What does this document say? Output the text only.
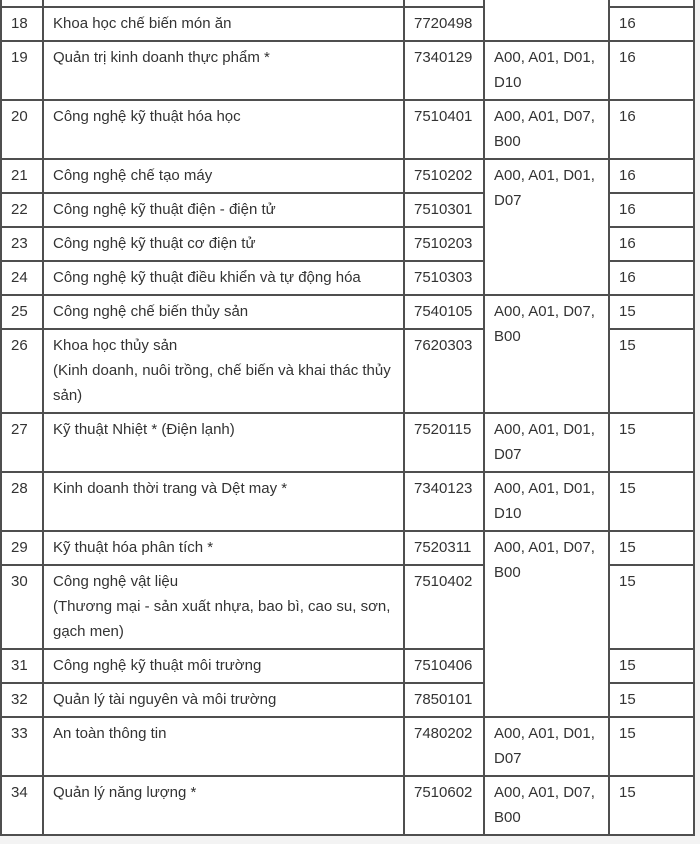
18	Khoa học chế biến món ăn	7720498		16
19	Quản trị kinh doanh thực phẩm *	7340129	A00, A01, D01, D10	16
20	Công nghệ kỹ thuật hóa học	7510401	A00, A01, D07, B00	16
21	Công nghệ chế tạo máy	7510202	A00, A01, D01, D07	16
22	Công nghệ kỹ thuật điện - điện tử	7510301		16
23	Công nghệ kỹ thuật cơ điện tử	7510203		16
24	Công nghệ kỹ thuật điều khiển và tự động hóa	7510303		16
25	Công nghệ chế biến thủy sản	7540105	A00, A01, D07, B00	15
26	Khoa học thủy sản
(Kinh doanh, nuôi trồng, chế biến và khai thác thủy sản)	7620303		15
27	Kỹ thuật Nhiệt * (Điện lạnh)	7520115	A00, A01, D01, D07	15
28	Kinh doanh thời trang và Dệt may *	7340123	A00, A01, D01, D10	15
29	Kỹ thuật hóa phân tích *	7520311	A00, A01, D07, B00	15
30	Công nghệ vật liệu
(Thương mại - sản xuất nhựa, bao bì, cao su, sơn, gạch men)	7510402		15
31	Công nghệ kỹ thuật môi trường	7510406		15
32	Quản lý tài nguyên và môi trường	7850101		15
33	An toàn thông tin	7480202	A00, A01, D01, D07	15
34	Quản lý năng lượng *	7510602	A00, A01, D07, B00	15
